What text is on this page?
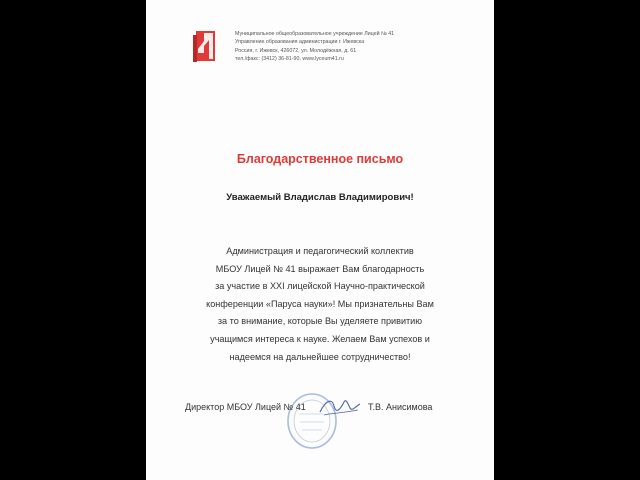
Муниципальное общеобразовательное учреждение Лицей № 41
Управление образования администрации г. Ижевска
Россия, г. Ижевск, 426072, ул. Молодёжная, д. 61
тел./факс: (3412) 36-81-90, www.lyceum41.ru
Благодарственное письмо
Уважаемый Владислав Владимирович!
Администрация и педагогический коллектив
МБОУ Лицей № 41 выражает Вам благодарность
за участие в XXI лицейской Научно-практической
конференции «Паруса науки»! Мы признательны Вам
за то внимание, которые Вы уделяете привитию
учащимся интереса к науке. Желаем Вам успехов и
надеемся на дальнейшее сотрудничество!
Директор МБОУ Лицей № 41	Т.В. Анисимова
